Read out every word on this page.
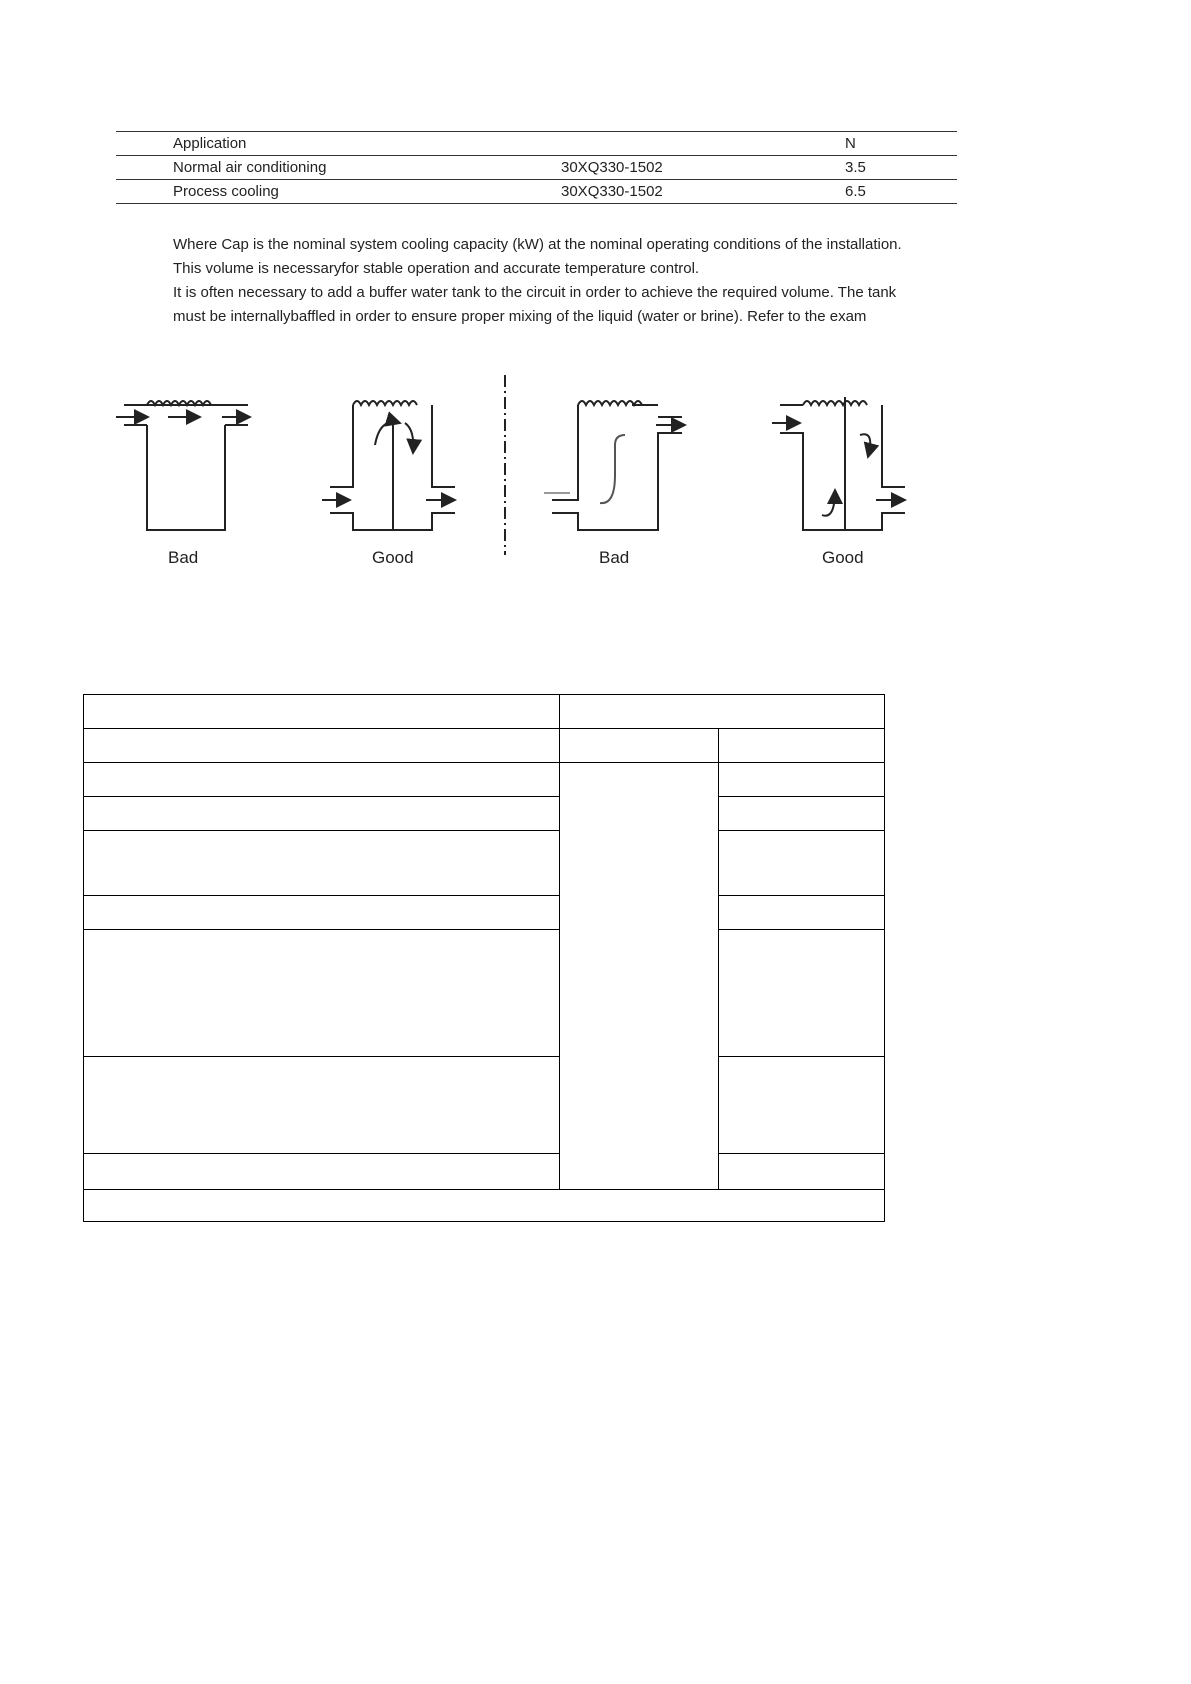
Application		N
Normal air conditioning	30XQ330-1502	3.5
Process cooling	30XQ330-1502	6.5
Where Cap is the nominal system cooling capacity (kW) at the nominal operating conditions of the installation.
This volume is necessaryfor stable operation and accurate temperature control.
It is often necessary to add a buffer water tank to the circuit in order to achieve the required volume. The tank
must be internallybaffled in order to ensure proper mixing of the liquid (water or brine). Refer to the exam
Bad	Good	Bad	Good
